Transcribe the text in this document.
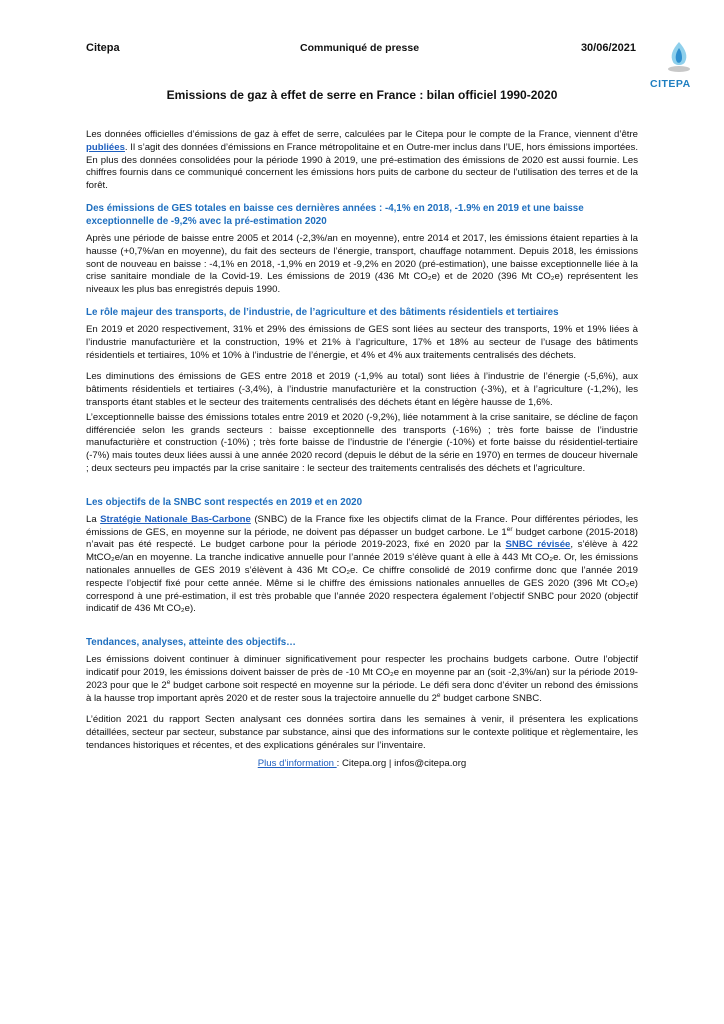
CITEPA
Citepa	Communiqué de presse	30/06/2021
Emissions de gaz à effet de serre en France : bilan officiel 1990-2020

Les données officielles d’émissions de gaz à effet de serre, calculées par le Citepa pour le compte de la France, viennent d’être publiées. Il s’agit des données d’émissions en France métropolitaine et en Outre-mer inclus dans l’UE, hors émissions importées. En plus des données consolidées pour la période 1990 à 2019, une pré-estimation des émissions de 2020 est aussi fournie. Les chiffres fournis dans ce communiqué concernent les émissions hors puits de carbone du secteur de l’utilisation des terres et de la forêt.

Des émissions de GES totales en baisse ces dernières années : -4,1% en 2018, -1.9% en 2019 et une baisse exceptionnelle de -9,2% avec la pré-estimation 2020

Après une période de baisse entre 2005 et 2014 (-2,3%/an en moyenne), entre 2014 et 2017, les émissions étaient reparties à la hausse (+0,7%/an en moyenne), du fait des secteurs de l’énergie, transport, chauffage notamment. Depuis 2018, les émissions sont de nouveau en baisse : -4,1% en 2018, -1,9% en 2019 et -9,2% en 2020 (pré-estimation), une baisse exceptionnelle liée à la crise sanitaire mondiale de la Covid-19. Les émissions de 2019 (436 Mt CO₂e) et de 2020 (396 Mt CO₂e) représentent les niveaux les plus bas enregistrés depuis 1990.

Le rôle majeur des transports, de l’industrie, de l’agriculture et des bâtiments résidentiels et tertiaires

En 2019 et 2020 respectivement, 31% et 29% des émissions de GES sont liées au secteur des transports, 19% et 19% liées à l’industrie manufacturière et la construction, 19% et 21% à l’agriculture, 17% et 18% au secteur de l’usage des bâtiments résidentiels et tertiaires, 10% et 10% à l’industrie de l’énergie, et 4% et 4% aux traitements centralisés des déchets.

Les diminutions des émissions de GES entre 2018 et 2019 (-1,9% au total) sont liées à l’industrie de l’énergie (-5,6%), aux bâtiments résidentiels et tertiaires (-3,4%), à l’industrie manufacturière et la construction (-3%), et à l’agriculture (-1,2%), les transports étant stables et le secteur des traitements centralisés des déchets étant en légère hausse de 1,6%.

L’exceptionnelle baisse des émissions totales entre 2019 et 2020 (-9,2%), liée notamment à la crise sanitaire, se décline de façon différenciée selon les grands secteurs : baisse exceptionnelle des transports (-16%) ; très forte baisse de l’industrie manufacturière et construction (-10%) ; très forte baisse de l’industrie de l’énergie (-10%) et forte baisse du résidentiel-tertiaire (-7%) mais toutes deux liées aussi à une année 2020 record (depuis le début de la série en 1970) en termes de douceur hivernale ; deux secteurs peu impactés par la crise sanitaire : le secteur des traitements centralisés des déchets et l’agriculture.

Les objectifs de la SNBC sont respectés en 2019 et en 2020

La Stratégie Nationale Bas-Carbone (SNBC) de la France fixe les objectifs climat de la France. Pour différentes périodes, les émissions de GES, en moyenne sur la période, ne doivent pas dépasser un budget carbone. Le 1er budget carbone (2015-2018) n’avait pas été respecté. Le budget carbone pour la période 2019-2023, fixé en 2020 par la SNBC révisée, s’élève à 422 MtCO₂e/an en moyenne. La tranche indicative annuelle pour l’année 2019 s’élève quant à elle à 443 Mt CO₂e. Or, les émissions nationales annuelles de GES 2019 s’élèvent à 436 Mt CO₂e. Ce chiffre consolidé de 2019 confirme donc que l’année 2019 respecte l’objectif fixé pour cette année. Même si le chiffre des émissions nationales annuelles de GES 2020 (396 Mt CO₂e) correspond à une pré-estimation, il est très probable que l’année 2020 respectera également l’objectif SNBC pour 2020 (objectif indicatif de 436 Mt CO₂e).

Tendances, analyses, atteinte des objectifs…

Les émissions doivent continuer à diminuer significativement pour respecter les prochains budgets carbone. Outre l’objectif indicatif pour 2019, les émissions doivent baisser de près de -10 Mt CO₂e en moyenne par an (soit -2,3%/an) sur la période 2019-2023 pour que le 2e budget carbone soit respecté en moyenne sur la période. Le défi sera donc d’éviter un rebond des émissions à la hausse trop important après 2020 et de rester sous la trajectoire annuelle du 2e budget carbone SNBC.

L’édition 2021 du rapport Secten analysant ces données sortira dans les semaines à venir, il présentera les explications détaillées, secteur par secteur, substance par substance, ainsi que des informations sur le contexte politique et règlementaire, les tendances historiques et récentes, et des explications générales sur l’inventaire.

Plus d’information : Citepa.org | infos@citepa.org
